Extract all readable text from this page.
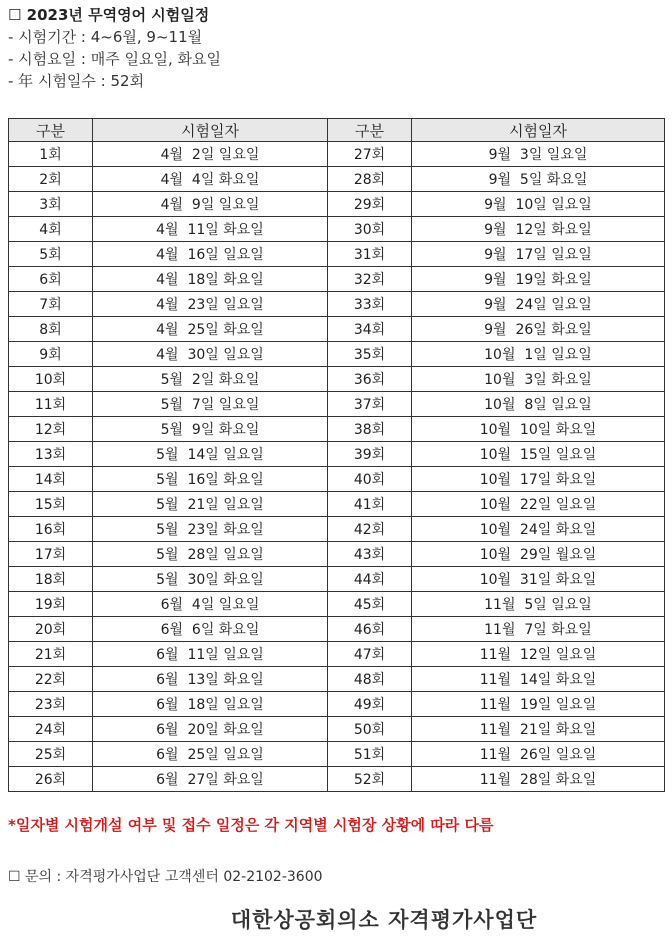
☐ 2023년 무역영어 시험일정
- 시험기간 : 4~6월, 9~11월
- 시험요일 : 매주 일요일, 화요일
- 年 시험일수 : 52회
구분	시험일자	구분	시험일자
1회	4월  2일 일요일	27회	9월  3일 일요일
2회	4월  4일 화요일	28회	9월  5일 화요일
3회	4월  9일 일요일	29회	9월  10일 일요일
4회	4월  11일 화요일	30회	9월  12일 화요일
5회	4월  16일 일요일	31회	9월  17일 일요일
6회	4월  18일 화요일	32회	9월  19일 화요일
7회	4월  23일 일요일	33회	9월  24일 일요일
8회	4월  25일 화요일	34회	9월  26일 화요일
9회	4월  30일 일요일	35회	10월  1일 일요일
10회	5월  2일 화요일	36회	10월  3일 화요일
11회	5월  7일 일요일	37회	10월  8일 일요일
12회	5월  9일 화요일	38회	10월  10일 화요일
13회	5월  14일 일요일	39회	10월  15일 일요일
14회	5월  16일 화요일	40회	10월  17일 화요일
15회	5월  21일 일요일	41회	10월  22일 일요일
16회	5월  23일 화요일	42회	10월  24일 화요일
17회	5월  28일 일요일	43회	10월  29일 월요일
18회	5월  30일 화요일	44회	10월  31일 화요일
19회	6월  4일 일요일	45회	11월  5일 일요일
20회	6월  6일 화요일	46회	11월  7일 화요일
21회	6월  11일 일요일	47회	11월  12일 일요일
22회	6월  13일 화요일	48회	11월  14일 화요일
23회	6월  18일 일요일	49회	11월  19일 일요일
24회	6월  20일 화요일	50회	11월  21일 화요일
25회	6월  25일 일요일	51회	11월  26일 일요일
26회	6월  27일 화요일	52회	11월  28일 화요일
*일자별 시험개설 여부 및 접수 일정은 각 지역별 시험장 상황에 따라 다름
☐ 문의 : 자격평가사업단 고객센터 02-2102-3600
대한상공회의소 자격평가사업단
